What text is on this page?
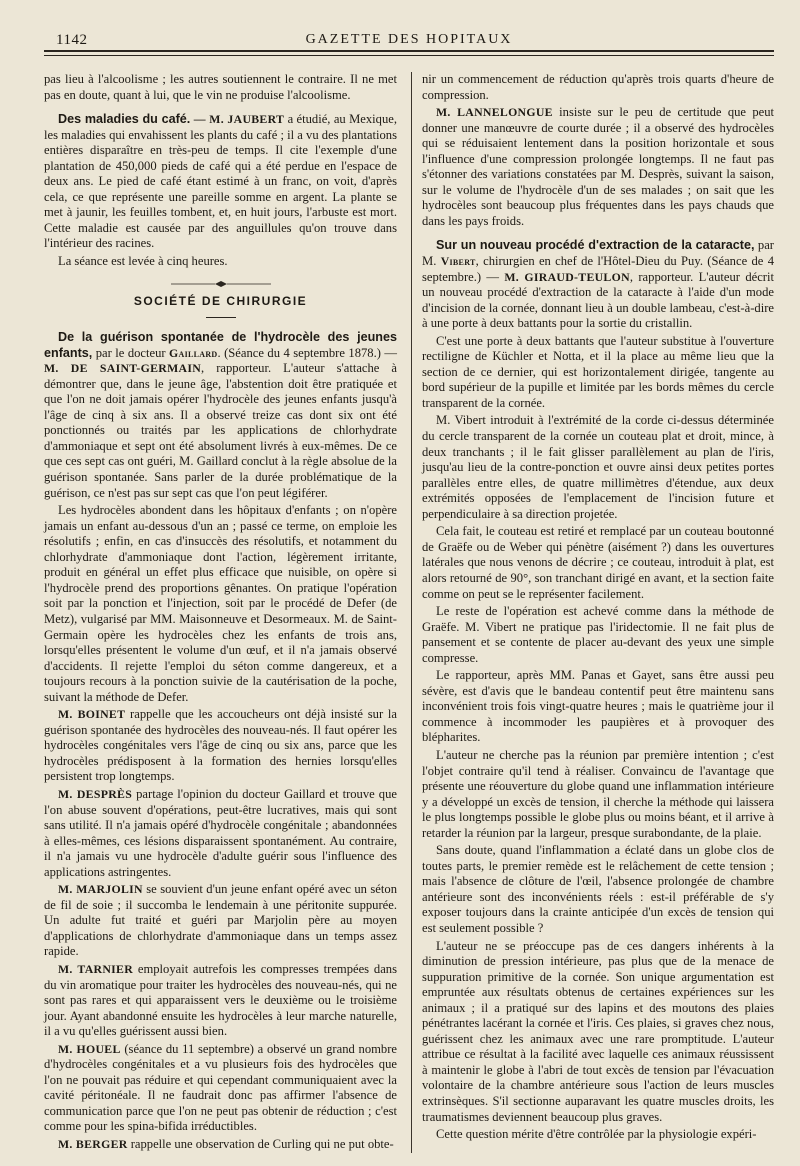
1142	GAZETTE DES HOPITAUX

pas lieu à l'alcoolisme ; les autres soutiennent le contraire. Il ne met pas en doute, quant à lui, que le vin ne produise l'alcoolisme.

Des maladies du café. — M. JAUBERT a étudié, au Mexique, les maladies qui envahissent les plants du café ; il a vu des plantations entières disparaître en très-peu de temps. Il cite l'exemple d'une plantation de 450,000 pieds de café qui a été perdue en l'espace de deux ans. Le pied de café étant estimé à un franc, on voit, d'après cela, ce que représente une pareille somme en argent. La plante se met à jaunir, les feuilles tombent, et, en huit jours, l'arbuste est mort. Cette maladie est causée par des anguillules qu'on trouve dans l'intérieur des racines.

La séance est levée à cinq heures.

SOCIÉTÉ DE CHIRURGIE

De la guérison spontanée de l'hydrocèle des jeunes enfants, par le docteur Gaillard. (Séance du 4 septembre 1878.) — M. DE SAINT-GERMAIN, rapporteur. L'auteur s'attache à démontrer que, dans le jeune âge, l'abstention doit être pratiquée et que l'on ne doit jamais opérer l'hydrocèle des jeunes enfants jusqu'à l'âge de cinq à six ans. Il a observé treize cas dont six ont été ponctionnés ou traités par les applications de chlorhydrate d'ammoniaque et sept ont été absolument livrés à eux-mêmes. De ce que ces sept cas ont guéri, M. Gaillard conclut à la règle absolue de la guérison spontanée. Sans parler de la durée problématique de la guérison, ce n'est pas sur sept cas que l'on peut légiférer.

Les hydrocèles abondent dans les hôpitaux d'enfants ; on n'opère jamais un enfant au-dessous d'un an ; passé ce terme, on emploie les résolutifs ; enfin, en cas d'insuccès des résolutifs, et notamment du chlorhydrate d'ammoniaque dont l'action, légèrement irritante, produit en général un effet plus efficace que nuisible, on opère si l'hydrocèle prend des proportions gênantes. On pratique l'opération soit par la ponction et l'injection, soit par le procédé de Defer (de Metz), vulgarisé par MM. Maisonneuve et Desormeaux. M. de Saint-Germain opère les hydrocèles chez les enfants de trois ans, lorsqu'elles présentent le volume d'un œuf, et il n'a jamais observé d'accidents. Il rejette l'emploi du séton comme dangereux, et a toujours recours à la ponction suivie de la cautérisation de la poche, suivant la méthode de Defer.

M. BOINET rappelle que les accoucheurs ont déjà insisté sur la guérison spontanée des hydrocèles des nouveau-nés. Il faut opérer les hydrocèles congénitales vers l'âge de cinq ou six ans, parce que les hydrocèles prédisposent à la formation des hernies lorsqu'elles persistent trop longtemps.

M. DESPRÈS partage l'opinion du docteur Gaillard et trouve que l'on abuse souvent d'opérations, peut-être lucratives, mais qui sont sans utilité. Il n'a jamais opéré d'hydrocèle congénitale ; abandonnées à elles-mêmes, ces lésions disparaissent spontanément. Au contraire, il n'a jamais vu une hydrocèle d'adulte guérir sous l'influence des applications astringentes.

M. MARJOLIN se souvient d'un jeune enfant opéré avec un séton de fil de soie ; il succomba le lendemain à une péritonite suppurée. Un adulte fut traité et guéri par Marjolin père au moyen d'applications de chlorhydrate d'ammoniaque dans un temps assez rapide.

M. TARNIER employait autrefois les compresses trempées dans du vin aromatique pour traiter les hydrocèles des nouveau-nés, qui ne sont pas rares et qui apparaissent vers le deuxième ou le troisième jour. Ayant abandonné ensuite les hydrocèles à leur marche naturelle, il a vu qu'elles guérissent aussi bien.

M. HOUEL (séance du 11 septembre) a observé un grand nombre d'hydrocèles congénitales et a vu plusieurs fois des hydrocèles que l'on ne pouvait pas réduire et qui cependant communiquaient avec la cavité péritonéale. Il ne faudrait donc pas affirmer l'absence de communication parce que l'on ne peut pas obtenir de réduction ; c'est comme pour les spina-bifida irréductibles.

M. BERGER rappelle une observation de Curling qui ne put obte-

nir un commencement de réduction qu'après trois quarts d'heure de compression.

M. LANNELONGUE insiste sur le peu de certitude que peut donner une manœuvre de courte durée ; il a observé des hydrocèles qui se réduisaient lentement dans la position horizontale et sous l'influence d'une compression prolongée longtemps. Il ne faut pas s'étonner des variations constatées par M. Desprès, suivant la saison, sur le volume de l'hydrocèle d'un de ses malades ; on sait que les hydrocèles sont beaucoup plus fréquentes dans les pays chauds que dans les pays froids.

Sur un nouveau procédé d'extraction de la cataracte, par M. Vibert, chirurgien en chef de l'Hôtel-Dieu du Puy. (Séance de 4 septembre.) — M. GIRAUD-TEULON, rapporteur. L'auteur décrit un nouveau procédé d'extraction de la cataracte à l'aide d'un mode d'incision de la cornée, donnant lieu à un double lambeau, c'est-à-dire à une porte à deux battants pour la sortie du cristallin.

C'est une porte à deux battants que l'auteur substitue à l'ouverture rectiligne de Küchler et Notta, et il la place au même lieu que la section de ce dernier, qui est horizontalement dirigée, tangente au bord supérieur de la pupille et limitée par les bords mêmes du cercle transparent de la cornée.

M. Vibert introduit à l'extrémité de la corde ci-dessus déterminée du cercle transparent de la cornée un couteau plat et droit, mince, à deux tranchants ; il le fait glisser parallèlement au plan de l'iris, jusqu'au lieu de la contre-ponction et ouvre ainsi deux petites portes parallèles entre elles, de quatre millimètres d'étendue, aux deux extrémités opposées de l'emplacement de l'incision future et perpendiculaire à sa direction projetée.

Cela fait, le couteau est retiré et remplacé par un couteau boutonné de Graëfe ou de Weber qui pénètre (aisément ?) dans les ouvertures latérales que nous venons de décrire ; ce couteau, introduit à plat, est alors retourné de 90°, son tranchant dirigé en avant, et la section faite comme on peut se le représenter facilement.

Le reste de l'opération est achevé comme dans la méthode de Graëfe. M. Vibert ne pratique pas l'iridectomie. Il ne fait plus de pansement et se contente de placer au-devant des yeux une simple compresse.

Le rapporteur, après MM. Panas et Gayet, sans être aussi peu sévère, est d'avis que le bandeau contentif peut être maintenu sans inconvénient trois fois vingt-quatre heures ; mais le quatrième jour il commence à incommoder les paupières et à provoquer des blépharites.

L'auteur ne cherche pas la réunion par première intention ; c'est l'objet contraire qu'il tend à réaliser. Convaincu de l'avantage que présente une réouverture du globe quand une inflammation intérieure y a développé un excès de tension, il cherche la méthode qui laissera le plus longtemps possible le globe plus ou moins béant, et il arrive à retarder la réunion par la largeur, presque surabondante, de la plaie.

Sans doute, quand l'inflammation a éclaté dans un globe clos de toutes parts, le premier remède est le relâchement de cette tension ; mais l'absence de clôture de l'œil, l'absence prolongée de chambre antérieure sont des inconvénients réels : est-il préférable de s'y exposer toujours dans la crainte anticipée d'un excès de tension qui est seulement possible ?

L'auteur ne se préoccupe pas de ces dangers inhérents à la diminution de pression intérieure, pas plus que de la menace de suppuration primitive de la cornée. Son unique argumentation est empruntée aux résultats obtenus de certaines expériences sur les animaux ; il a pratiqué sur des lapins et des moutons des plaies pénétrantes lacérant la cornée et l'iris. Ces plaies, si graves chez nous, guérissent chez les animaux avec une rare promptitude. L'auteur attribue ce résultat à la facilité avec laquelle ces animaux réussissent à maintenir le globe à l'abri de tout excès de tension par l'évacuation volontaire de la chambre antérieure sous l'action de leurs muscles extrinsèques. S'il sectionne auparavant les quatre muscles droits, les traumatismes deviennent beaucoup plus graves.

Cette question mérite d'être contrôlée par la physiologie expéri-
